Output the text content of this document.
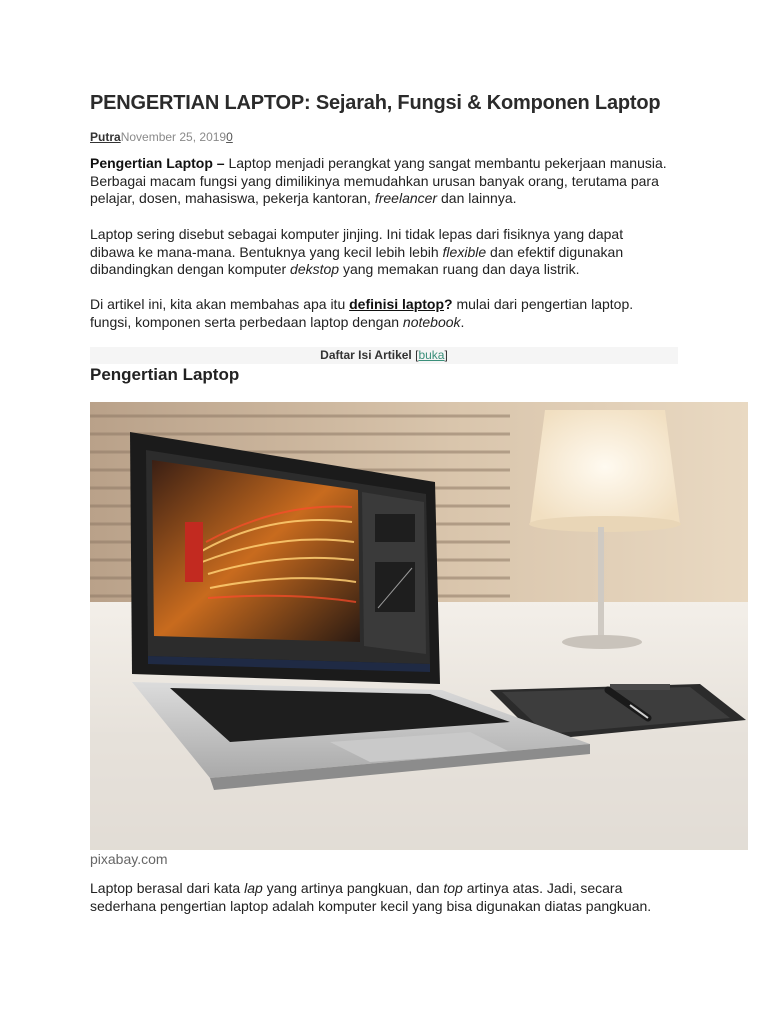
PENGERTIAN LAPTOP: Sejarah, Fungsi & Komponen Laptop
PutraNovember 25, 20190

Pengertian Laptop – Laptop menjadi perangkat yang sangat membantu pekerjaan manusia. Berbagai macam fungsi yang dimilikinya memudahkan urusan banyak orang, terutama para pelajar, dosen, mahasiswa, pekerja kantoran, freelancer dan lainnya.

Laptop sering disebut sebagai komputer jinjing. Ini tidak lepas dari fisiknya yang dapat dibawa ke mana-mana. Bentuknya yang kecil lebih lebih flexible dan efektif digunakan dibandingkan dengan komputer dekstop yang memakan ruang dan daya listrik.

Di artikel ini, kita akan membahas apa itu definisi laptop? mulai dari pengertian laptop. fungsi, komponen serta perbedaan laptop dengan notebook.

Daftar Isi Artikel [buka]
Pengertian Laptop
pixabay.com

Laptop berasal dari kata lap yang artinya pangkuan, dan top artinya atas. Jadi, secara sederhana pengertian laptop adalah komputer kecil yang bisa digunakan diatas pangkuan.
